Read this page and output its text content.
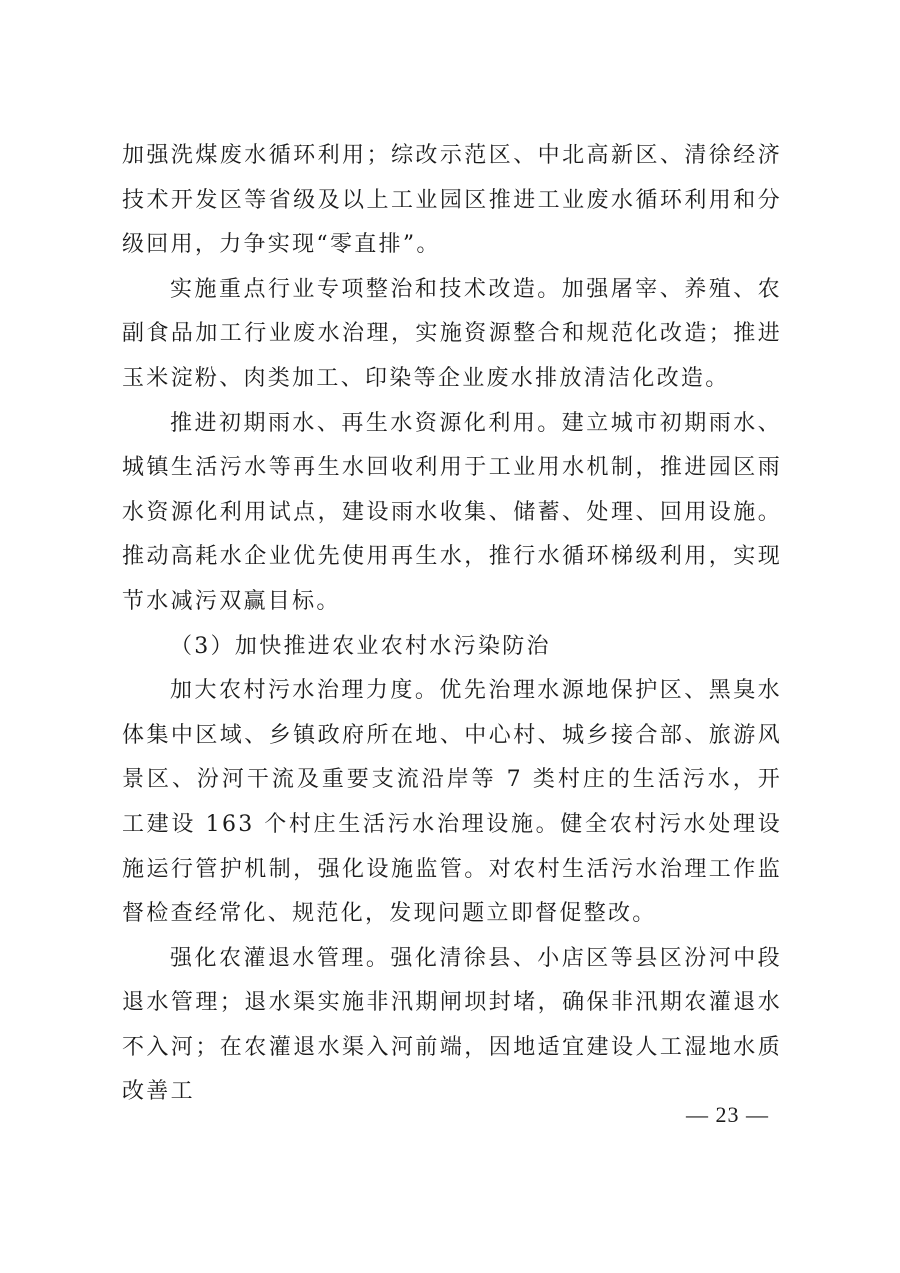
加强洗煤废水循环利用；综改示范区、中北高新区、清徐经济技术开发区等省级及以上工业园区推进工业废水循环利用和分级回用，力争实现“零直排”。

实施重点行业专项整治和技术改造。加强屠宰、养殖、农副食品加工行业废水治理，实施资源整合和规范化改造；推进玉米淀粉、肉类加工、印染等企业废水排放清洁化改造。

推进初期雨水、再生水资源化利用。建立城市初期雨水、城镇生活污水等再生水回收利用于工业用水机制，推进园区雨水资源化利用试点，建设雨水收集、储蓄、处理、回用设施。推动高耗水企业优先使用再生水，推行水循环梯级利用，实现节水减污双赢目标。

（3）加快推进农业农村水污染防治

加大农村污水治理力度。优先治理水源地保护区、黑臭水体集中区域、乡镇政府所在地、中心村、城乡接合部、旅游风景区、汾河干流及重要支流沿岸等 7 类村庄的生活污水，开工建设 163 个村庄生活污水治理设施。健全农村污水处理设施运行管护机制，强化设施监管。对农村生活污水治理工作监督检查经常化、规范化，发现问题立即督促整改。

强化农灌退水管理。强化清徐县、小店区等县区汾河中段退水管理；退水渠实施非汛期闸坝封堵，确保非汛期农灌退水不入河；在农灌退水渠入河前端，因地适宜建设人工湿地水质改善工

— 23 —
